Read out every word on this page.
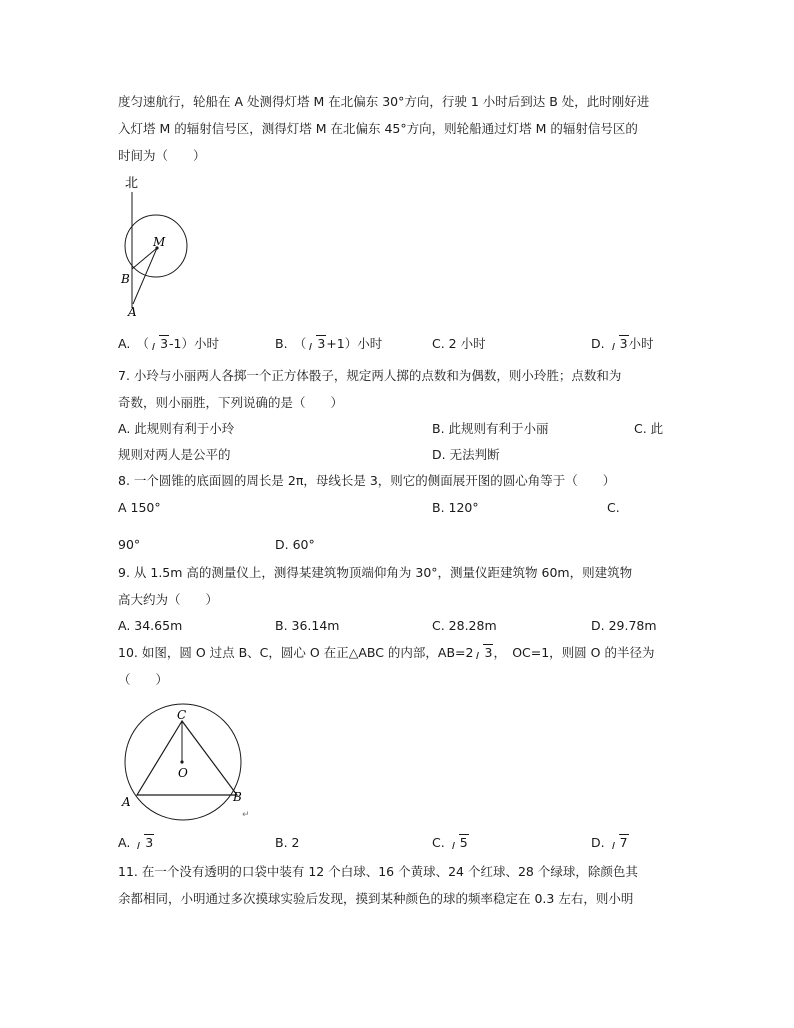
度匀速航行，轮船在 A 处测得灯塔 M 在北偏东 30°方向，行驶 1 小时后到达 B 处，此时刚好进
入灯塔 M 的辐射信号区，测得灯塔 M 在北偏东 45°方向，则轮船通过灯塔 M 的辐射信号区的
时间为（　　）
北
M
B
A
A.　（ 3-1）小时	B.　（ 3+1）小时	C. 2 小时	D. 3小时
7. 小玲与小丽两人各掷一个正方体骰子，规定两人掷的点数和为偶数，则小玲胜；点数和为
奇数，则小丽胜，下列说确的是（　　）
A. 此规则有利于小玲	B. 此规则有利于小丽	C. 此
规则对两人是公平的	D. 无法判断
8. 一个圆锥的底面圆的周长是 2π，母线长是 3，则它的侧面展开图的圆心角等于（　　）
A 150°	B. 120°	C.
90°	D. 60°
9. 从 1.5m 高的测量仪上，测得某建筑物顶端仰角为 30°，测量仪距建筑物 60m，则建筑物
高大约为（　　）
A. 34.65m	B. 36.14m	C. 28.28m	D. 29.78m
10. 如图，圆 O 过点 B、C，圆心 O 在正△ABC 的内部，AB=2 3，　OC=1，则圆 O 的半径为
（　　）
C
O
A	B
↵
A. 3	B. 2	C. 5	D. 7
11. 在一个没有透明的口袋中装有 12 个白球、16 个黄球、24 个红球、28 个绿球，除颜色其
余都相同，小明通过多次摸球实验后发现，摸到某种颜色的球的频率稳定在 0.3 左右，则小明
